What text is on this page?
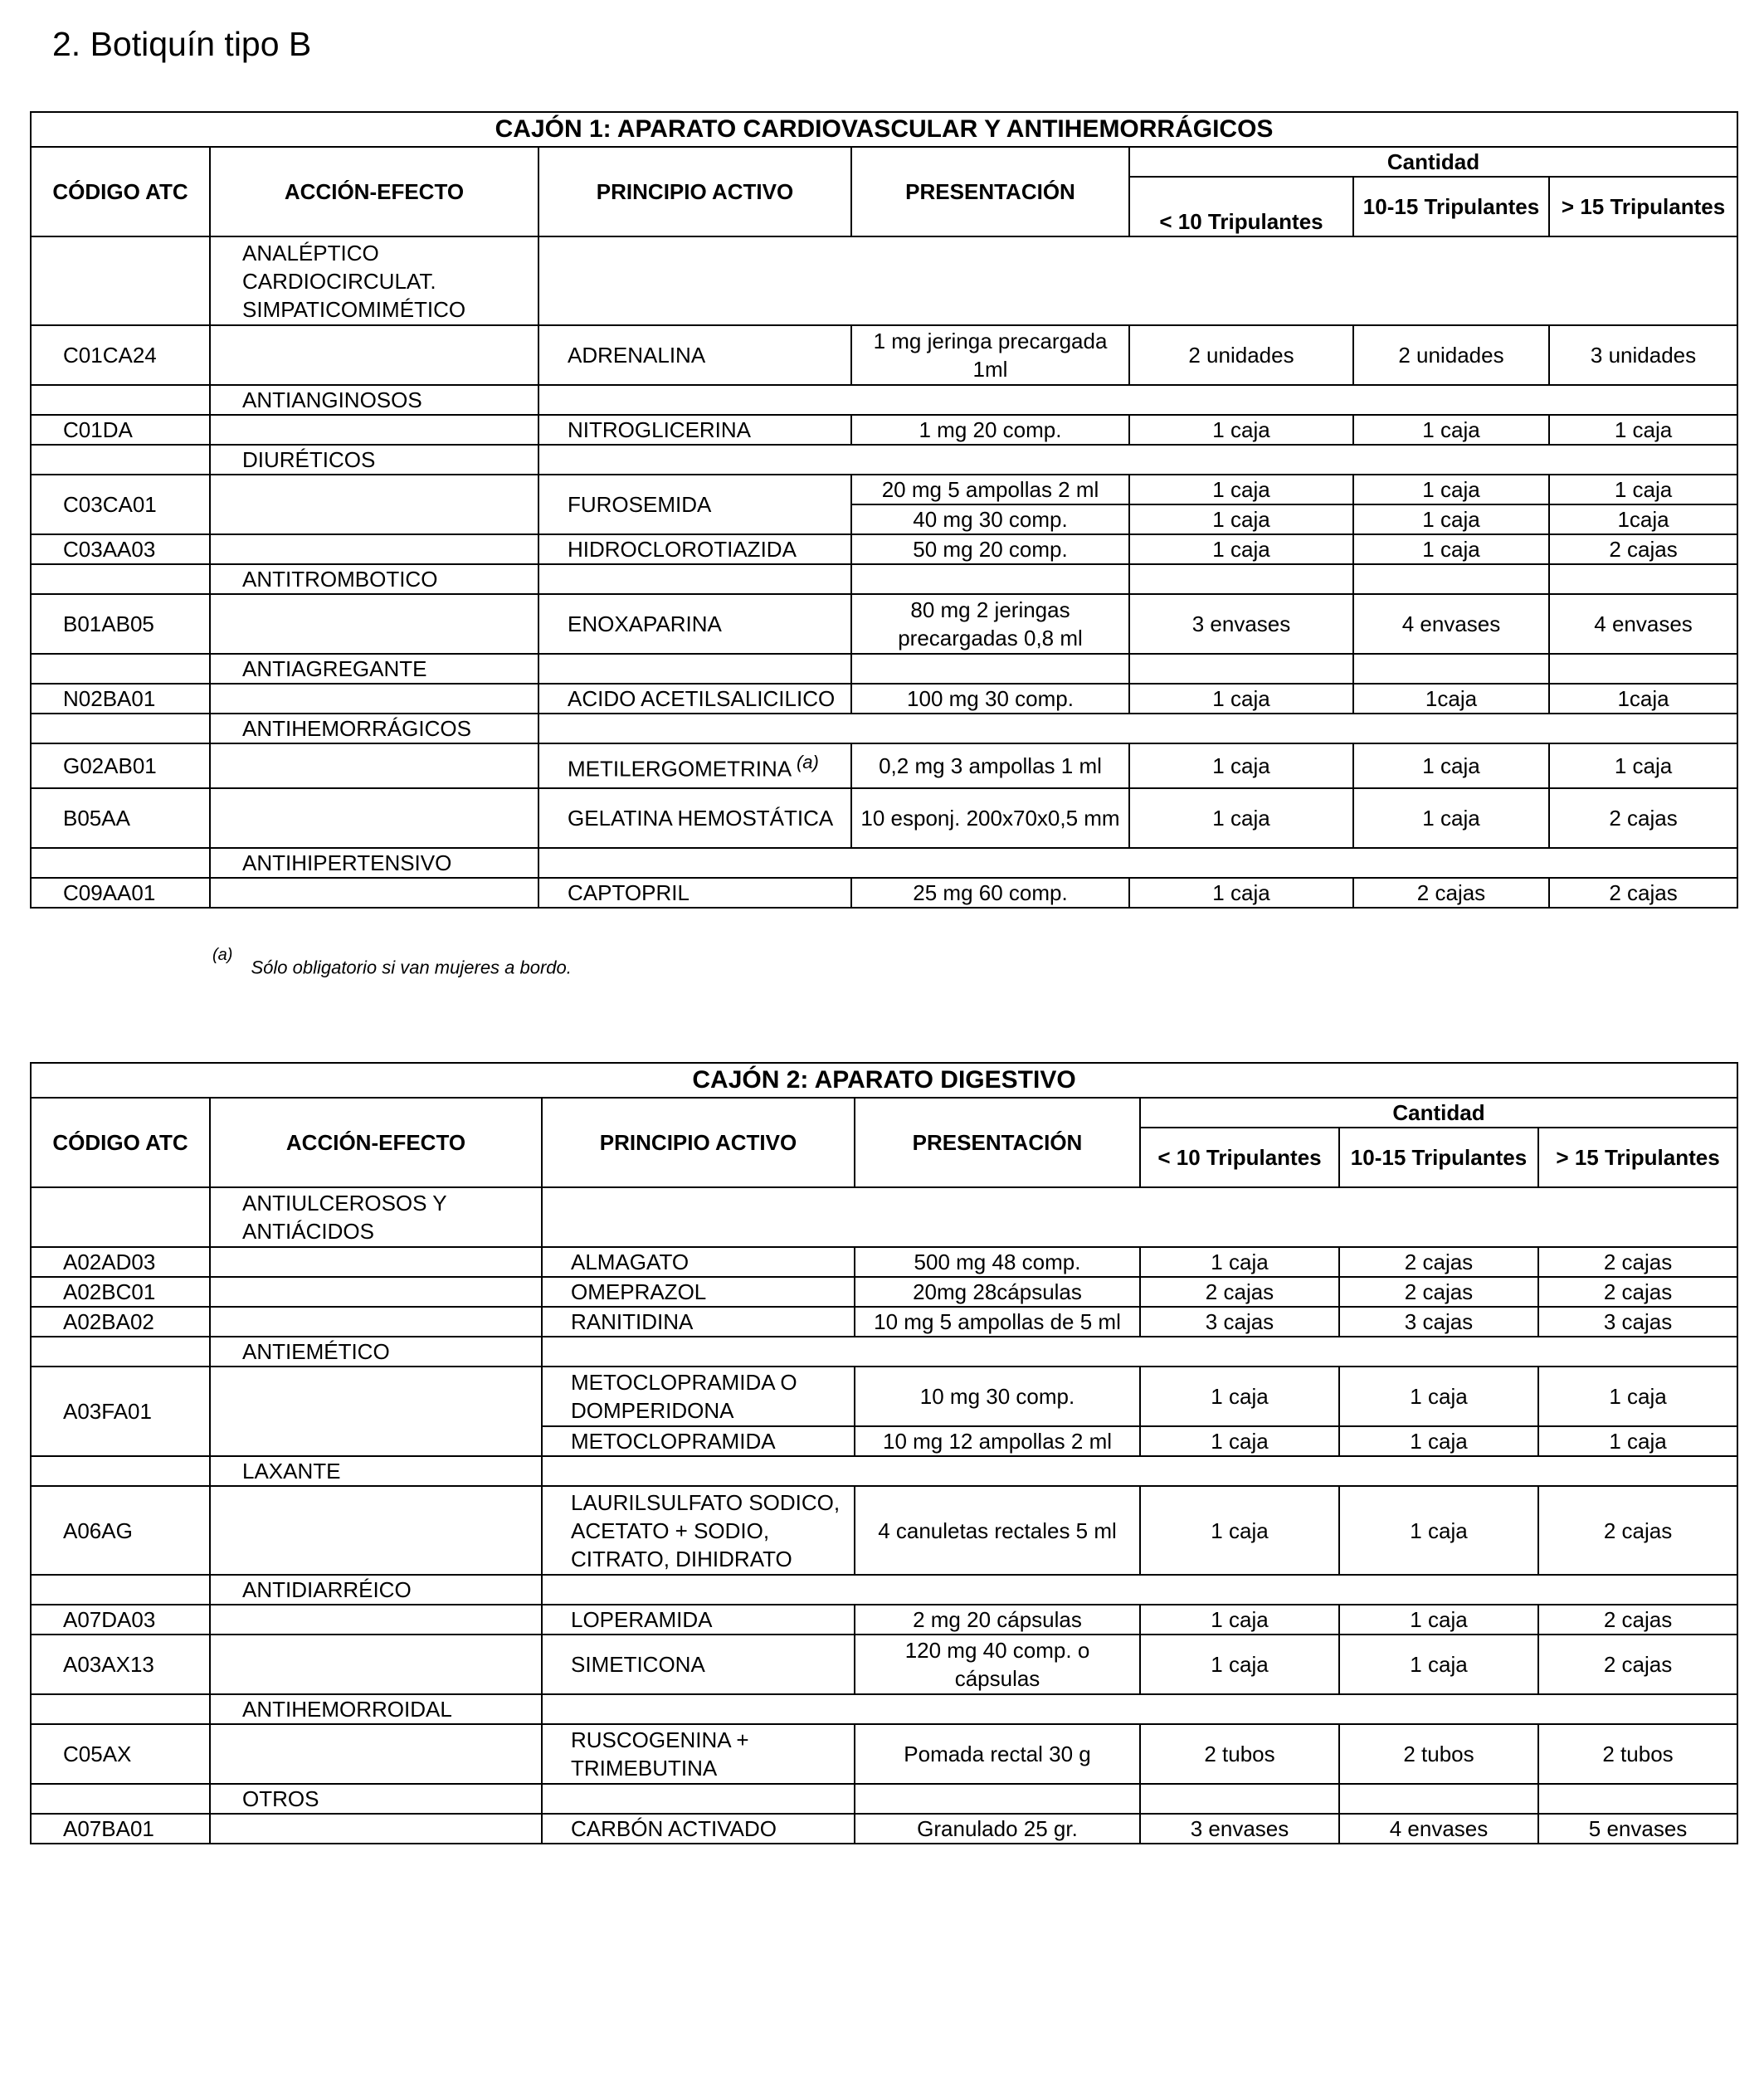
2. Botiquín tipo B
CAJÓN 1: APARATO CARDIOVASCULAR Y ANTIHEMORRÁGICOS						
CÓDIGO ATC	ACCIÓN-EFECTO	PRINCIPIO ACTIVO	PRESENTACIÓN	Cantidad		
				< 10 Tripulantes	10-15 Tripulantes	> 15 Tripulantes
	ANALÉPTICO CARDIOCIRCULAT. SIMPATICOMIMÉTICO					
C01CA24		ADRENALINA	1 mg jeringa precargada 1ml	2 unidades	2 unidades	3 unidades
	ANTIANGINOSOS					
C01DA		NITROGLICERINA	1 mg 20 comp.	1 caja	1 caja	1 caja
	DIURÉTICOS					
C03CA01		FUROSEMIDA	20 mg 5 ampollas 2 ml	1 caja	1 caja	1 caja
			40 mg 30 comp.	1 caja	1 caja	1caja
C03AA03		HIDROCLOROTIAZIDA	50 mg 20 comp.	1 caja	1 caja	2 cajas
	ANTITROMBOTICO					
B01AB05		ENOXAPARINA	80 mg 2 jeringas precargadas 0,8 ml	3 envases	4 envases	4 envases
	ANTIAGREGANTE					
N02BA01		ACIDO ACETILSALICILICO	100 mg 30 comp.	1 caja	1caja	1caja
	ANTIHEMORRÁGICOS					
G02AB01		METILERGOMETRINA $^{(a)}$	0,2 mg 3 ampollas 1 ml	1 caja	1 caja	1 caja
B05AA		GELATINA HEMOSTÁTICA	10 esponj. 200x70x0,5 mm	1 caja	1 caja	2 cajas
	ANTIHIPERTENSIVO					
C09AA01		CAPTOPRIL	25 mg 60 comp.	1 caja	2 cajas	2 cajas
$^{(a)}$Sólo obligatorio si van mujeres a bordo.
CAJÓN 2: APARATO DIGESTIVO						
CÓDIGO ATC	ACCIÓN-EFECTO	PRINCIPIO ACTIVO	PRESENTACIÓN	Cantidad		
				< 10 Tripulantes	10-15 Tripulantes	> 15 Tripulantes
	ANTIULCEROSOS Y ANTIÁCIDOS					
A02AD03		ALMAGATO	500 mg 48 comp.	1 caja	2 cajas	2 cajas
A02BC01		OMEPRAZOL	20mg 28cápsulas	2 cajas	2 cajas	2 cajas
A02BA02		RANITIDINA	10 mg 5 ampollas de 5 ml	3 cajas	3 cajas	3 cajas
	ANTIEMÉTICO					
A03FA01		METOCLOPRAMIDA O DOMPERIDONA	10 mg 30 comp.	1 caja	1 caja	1 caja
		METOCLOPRAMIDA	10 mg 12 ampollas 2 ml	1 caja	1 caja	1 caja
	LAXANTE					
A06AG		LAURILSULFATO SODICO, ACETATO + SODIO, CITRATO, DIHIDRATO	4 canuletas rectales 5 ml	1 caja	1 caja	2 cajas
	ANTIDIARRÉICO					
A07DA03		LOPERAMIDA	2 mg 20 cápsulas	1 caja	1 caja	2 cajas
A03AX13		SIMETICONA	120 mg 40 comp. o cápsulas	1 caja	1 caja	2 cajas
	ANTIHEMORROIDAL					
C05AX		RUSCOGENINA + TRIMEBUTINA	Pomada rectal 30 g	2 tubos	2 tubos	2 tubos
	OTROS					
A07BA01		CARBÓN ACTIVADO	Granulado 25 gr.	3 envases	4 envases	5 envases
